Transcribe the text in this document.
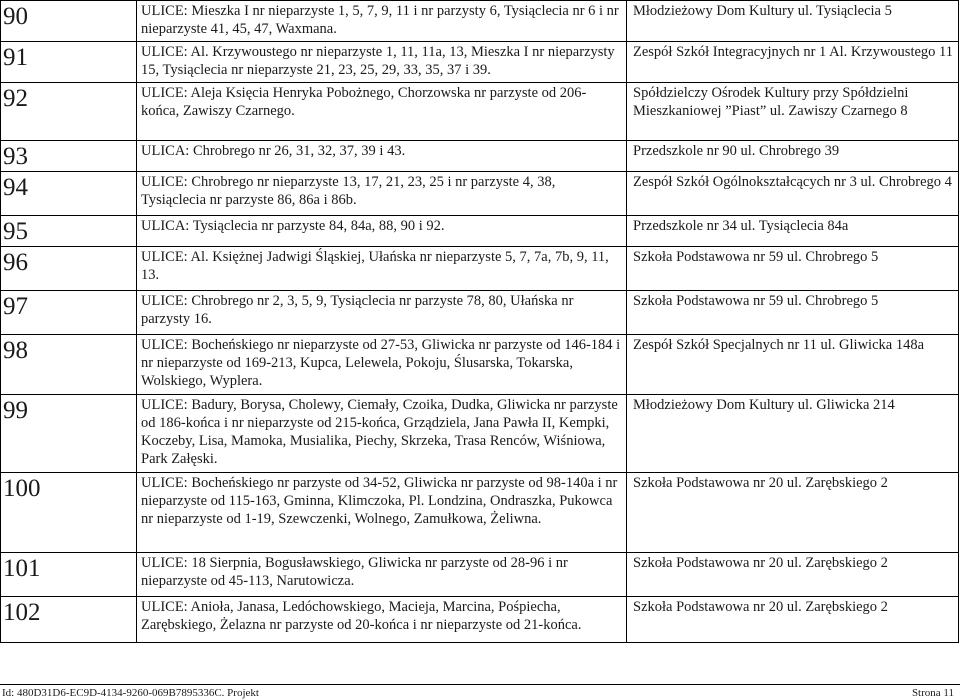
90	ULICE: Mieszka I nr nieparzyste 1, 5, 7, 9, 11 i nr parzysty 6, Tysiąclecia nr 6 i nr nieparzyste 41, 45, 47, Waxmana.	Młodzieżowy Dom Kultury ul. Tysiąclecia 5
91	ULICE: Al. Krzywoustego nr nieparzyste 1, 11, 11a, 13, Mieszka I nr nieparzysty 15, Tysiąclecia nr nieparzyste 21, 23, 25, 29, 33, 35, 37 i 39.	Zespół Szkół Integracyjnych nr 1 Al. Krzywoustego 11
92	ULICE: Aleja Księcia Henryka Pobożnego, Chorzowska nr parzyste od 206-końca, Zawiszy Czarnego.	Spółdzielczy Ośrodek Kultury przy Spółdzielni Mieszkaniowej ”Piast” ul. Zawiszy Czarnego 8
93	ULICA: Chrobrego nr 26, 31, 32, 37, 39 i 43.	Przedszkole nr 90 ul. Chrobrego 39
94	ULICE: Chrobrego nr nieparzyste 13, 17, 21, 23, 25 i nr parzyste 4, 38, Tysiąclecia nr parzyste 86, 86a i 86b.	Zespół Szkół Ogólnokształcących nr 3 ul. Chrobrego 4
95	ULICA: Tysiąclecia nr parzyste 84, 84a, 88, 90 i 92.	Przedszkole nr 34 ul. Tysiąclecia 84a
96	ULICE: Al. Księżnej Jadwigi Śląskiej, Ułańska nr nieparzyste 5, 7, 7a, 7b, 9, 11, 13.	Szkoła Podstawowa nr 59 ul. Chrobrego 5
97	ULICE: Chrobrego nr 2, 3, 5, 9, Tysiąclecia nr parzyste 78, 80, Ułańska nr parzysty 16.	Szkoła Podstawowa nr 59 ul. Chrobrego 5
98	ULICE: Bocheńskiego nr nieparzyste od 27-53, Gliwicka nr parzyste od 146-184 i nr nieparzyste od 169-213, Kupca, Lelewela, Pokoju, Ślusarska, Tokarska, Wolskiego, Wyplera.	Zespół Szkół Specjalnych nr 11 ul. Gliwicka 148a
99	ULICE: Badury, Borysa, Cholewy, Ciemały, Czoika, Dudka, Gliwicka nr parzyste od 186-końca i nr nieparzyste od 215-końca, Grządziela, Jana Pawła II, Kempki, Koczeby, Lisa, Mamoka, Musialika, Piechy, Skrzeka, Trasa Renców, Wiśniowa, Park Załęski.	Młodzieżowy Dom Kultury ul. Gliwicka 214
100	ULICE: Bocheńskiego nr parzyste od 34-52, Gliwicka nr parzyste od 98-140a i nr nieparzyste od 115-163, Gminna, Klimczoka, Pl. Londzina, Ondraszka, Pukowca nr nieparzyste od 1-19, Szewczenki, Wolnego, Zamułkowa, Żeliwna.	Szkoła Podstawowa nr 20 ul. Zarębskiego 2
101	ULICE: 18 Sierpnia, Bogusławskiego, Gliwicka nr parzyste od 28-96 i nr nieparzyste od 45-113, Narutowicza.	Szkoła Podstawowa nr 20 ul. Zarębskiego 2
102	ULICE: Anioła, Janasa, Ledóchowskiego, Macieja, Marcina, Pośpiecha, Zarębskiego, Żelazna nr parzyste od 20-końca i nr nieparzyste od 21-końca.	Szkoła Podstawowa nr 20 ul. Zarębskiego 2
Id: 480D31D6-EC9D-4134-9260-069B7895336C. Projekt	Strona 11
